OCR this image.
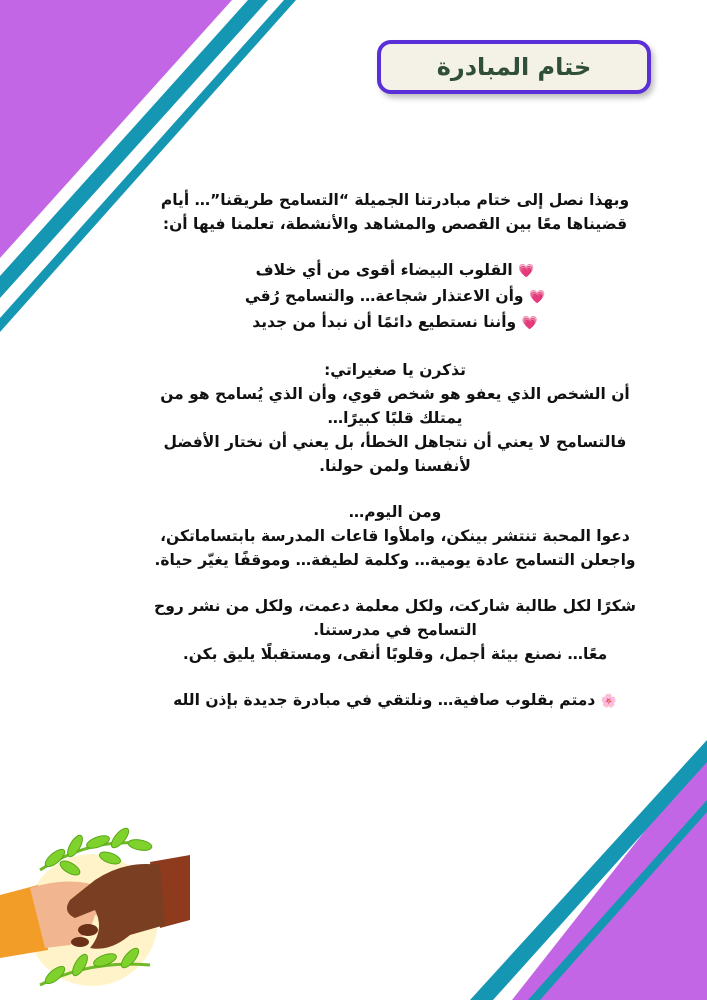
ختام المبادرة

وبهذا نصل إلى ختام مبادرتنا الجميلة “التسامح طريقنا”… أيام قضيناها معًا بين القصص والمشاهد والأنشطة، تعلمنا فيها أن:

💗 القلوب البيضاء أقوى من أي خلاف

💗 وأن الاعتذار شجاعة… والتسامح رُقي

💗 وأننا نستطيع دائمًا أن نبدأ من جديد

تذكرن يا صغيراتي:

أن الشخص الذي يعفو هو شخص قوي، وأن الذي يُسامح هو من يمتلك قلبًا كبيرًا…

فالتسامح لا يعني أن نتجاهل الخطأ، بل يعني أن نختار الأفضل لأنفسنا ولمن حولنا.

ومن اليوم…

دعوا المحبة تنتشر بينكن، واملأوا قاعات المدرسة بابتساماتكن، واجعلن التسامح عادة يومية… وكلمة لطيفة… وموقفًا يغيّر حياة.

شكرًا لكل طالبة شاركت، ولكل معلمة دعمت، ولكل من نشر روح التسامح في مدرستنا.

معًا… نصنع بيئة أجمل، وقلوبًا أنقى، ومستقبلًا يليق بكن.

🌸 دمتم بقلوب صافية… ونلتقي في مبادرة جديدة بإذن الله
